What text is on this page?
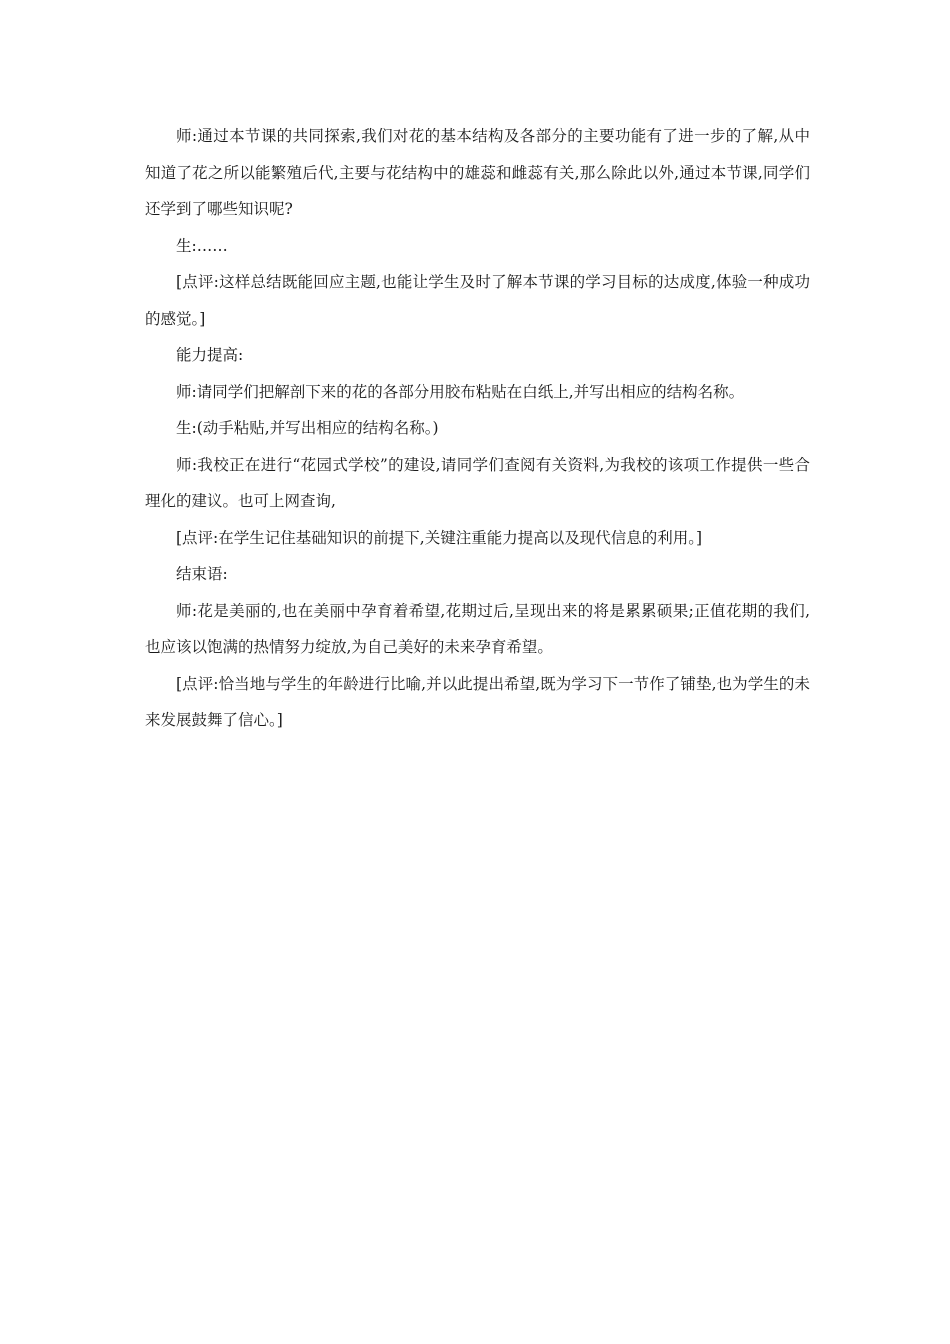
师:通过本节课的共同探索,我们对花的基本结构及各部分的主要功能有了进一步的了解,从中知道了花之所以能繁殖后代,主要与花结构中的雄蕊和雌蕊有关,那么除此以外,通过本节课,同学们还学到了哪些知识呢?

生:……

[点评:这样总结既能回应主题,也能让学生及时了解本节课的学习目标的达成度,体验一种成功的感觉。]

能力提高:

师:请同学们把解剖下来的花的各部分用胶布粘贴在白纸上,并写出相应的结构名称。

生:(动手粘贴,并写出相应的结构名称。)

师:我校正在进行“花园式学校”的建设,请同学们查阅有关资料,为我校的该项工作提供一些合理化的建议。也可上网查询,

[点评:在学生记住基础知识的前提下,关键注重能力提高以及现代信息的利用。]

结束语:

师:花是美丽的,也在美丽中孕育着希望,花期过后,呈现出来的将是累累硕果;正值花期的我们,也应该以饱满的热情努力绽放,为自己美好的未来孕育希望。

[点评:恰当地与学生的年龄进行比喻,并以此提出希望,既为学习下一节作了铺垫,也为学生的未来发展鼓舞了信心。]
